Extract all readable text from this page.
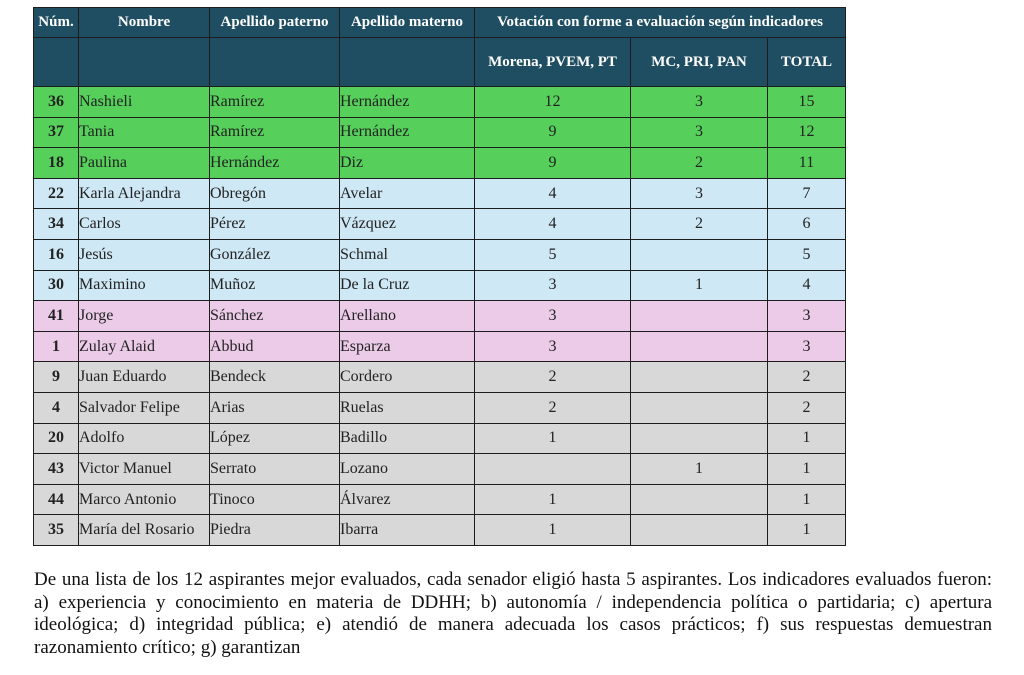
Núm.	Nombre	Apellido paterno	Apellido materno	Votación con forme a evaluación según indicadores		
				Morena, PVEM, PT	MC, PRI, PAN	TOTAL
36	Nashieli	Ramírez	Hernández	12	3	15
37	Tania	Ramírez	Hernández	9	3	12
18	Paulina	Hernández	Diz	9	2	11
22	Karla Alejandra	Obregón	Avelar	4	3	7
34	Carlos	Pérez	Vázquez	4	2	6
16	Jesús	González	Schmal	5		5
30	Maximino	Muñoz	De la Cruz	3	1	4
41	Jorge	Sánchez	Arellano	3		3
1	Zulay Alaid	Abbud	Esparza	3		3
9	Juan Eduardo	Bendeck	Cordero	2		2
4	Salvador Felipe	Arias	Ruelas	2		2
20	Adolfo	López	Badillo	1		1
43	Victor Manuel	Serrato	Lozano		1	1
44	Marco Antonio	Tinoco	Álvarez	1		1
35	María del Rosario	Piedra	Ibarra	1		1

De una lista de los 12 aspirantes mejor evaluados, cada senador eligió hasta 5 aspirantes. Los indicadores evaluados fueron: a) experiencia y conocimiento en materia de DDHH; b) autonomía / independencia política o partidaria; c) apertura ideológica; d) integridad pública; e) atendió de manera adecuada los casos prácticos; f) sus respuestas demuestran razonamiento crítico; g) garantizan
